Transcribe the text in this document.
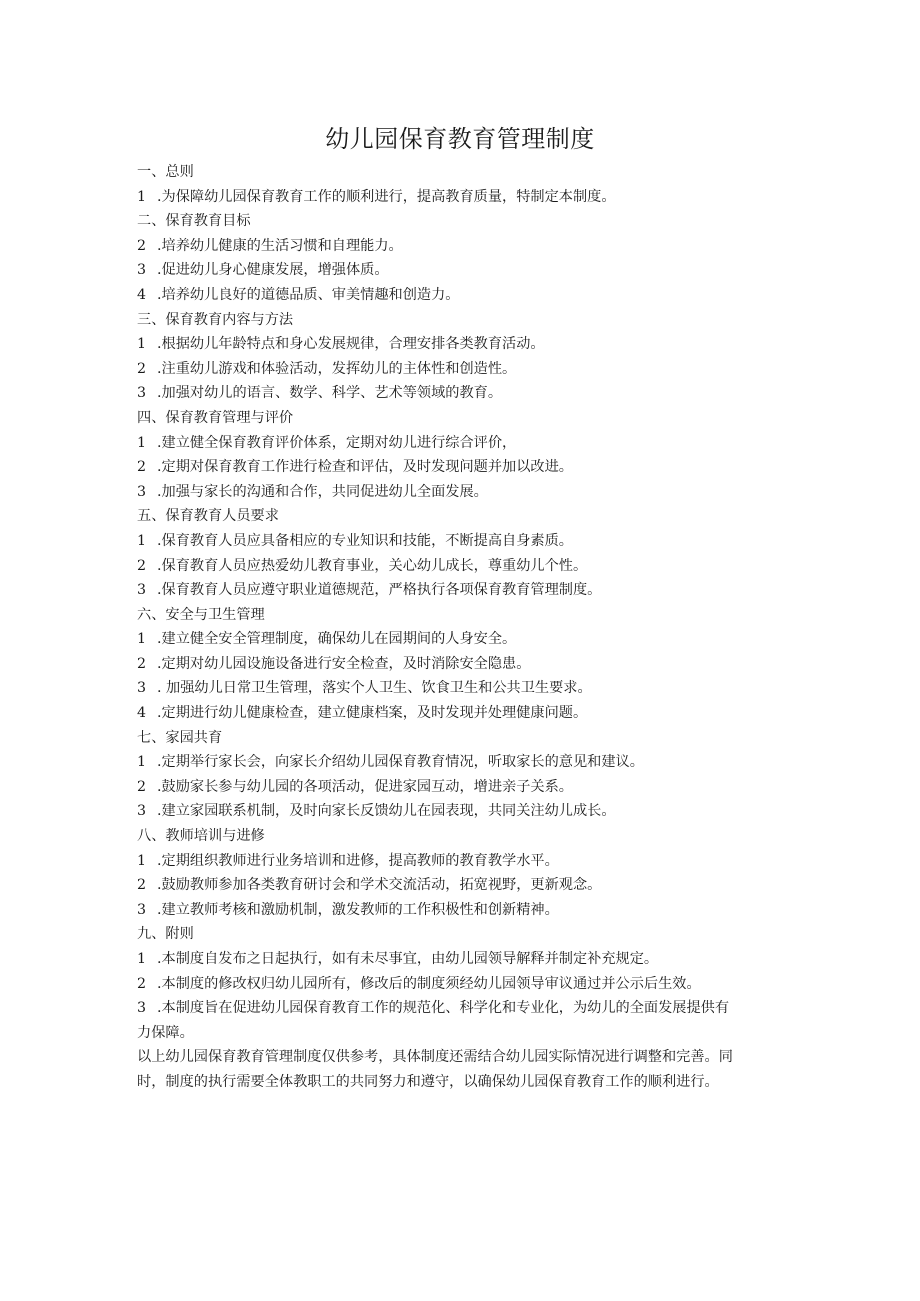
幼儿园保育教育管理制度
一、总则
1 .为保障幼儿园保育教育工作的顺利进行，提高教育质量，特制定本制度。
二、保育教育目标
2 .培养幼儿健康的生活习惯和自理能力。
3 .促进幼儿身心健康发展，增强体质。
4 .培养幼儿良好的道德品质、审美情趣和创造力。
三、保育教育内容与方法
1 .根据幼儿年龄特点和身心发展规律，合理安排各类教育活动。
2 .注重幼儿游戏和体验活动，发挥幼儿的主体性和创造性。
3 .加强对幼儿的语言、数学、科学、艺术等领域的教育。
四、保育教育管理与评价
1 .建立健全保育教育评价体系，定期对幼儿进行综合评价，
2 .定期对保育教育工作进行检查和评估，及时发现问题并加以改进。
3 .加强与家长的沟通和合作，共同促进幼儿全面发展。
五、保育教育人员要求
1 .保育教育人员应具备相应的专业知识和技能，不断提高自身素质。
2 .保育教育人员应热爱幼儿教育事业，关心幼儿成长，尊重幼儿个性。
3 .保育教育人员应遵守职业道德规范，严格执行各项保育教育管理制度。
六、安全与卫生管理
1 .建立健全安全管理制度，确保幼儿在园期间的人身安全。
2 .定期对幼儿园设施设备进行安全检查，及时消除安全隐患。
3 . 加强幼儿日常卫生管理，落实个人卫生、饮食卫生和公共卫生要求。
4 .定期进行幼儿健康检查，建立健康档案，及时发现并处理健康问题。
七、家园共育
1 .定期举行家长会，向家长介绍幼儿园保育教育情况，听取家长的意见和建议。
2 .鼓励家长参与幼儿园的各项活动，促进家园互动，增进亲子关系。
3 .建立家园联系机制，及时向家长反馈幼儿在园表现，共同关注幼儿成长。
八、教师培训与进修
1 .定期组织教师进行业务培训和进修，提高教师的教育教学水平。
2 .鼓励教师参加各类教育研讨会和学术交流活动，拓宽视野，更新观念。
3 .建立教师考核和激励机制，激发教师的工作积极性和创新精神。
九、附则
1 .本制度自发布之日起执行，如有未尽事宜，由幼儿园领导解释并制定补充规定。
2 .本制度的修改权归幼儿园所有，修改后的制度须经幼儿园领导审议通过并公示后生效。
3 .本制度旨在促进幼儿园保育教育工作的规范化、科学化和专业化，为幼儿的全面发展提供有
力保障。
以上幼儿园保育教育管理制度仅供参考，具体制度还需结合幼儿园实际情况进行调整和完善。同
时，制度的执行需要全体教职工的共同努力和遵守，以确保幼儿园保育教育工作的顺利进行。
